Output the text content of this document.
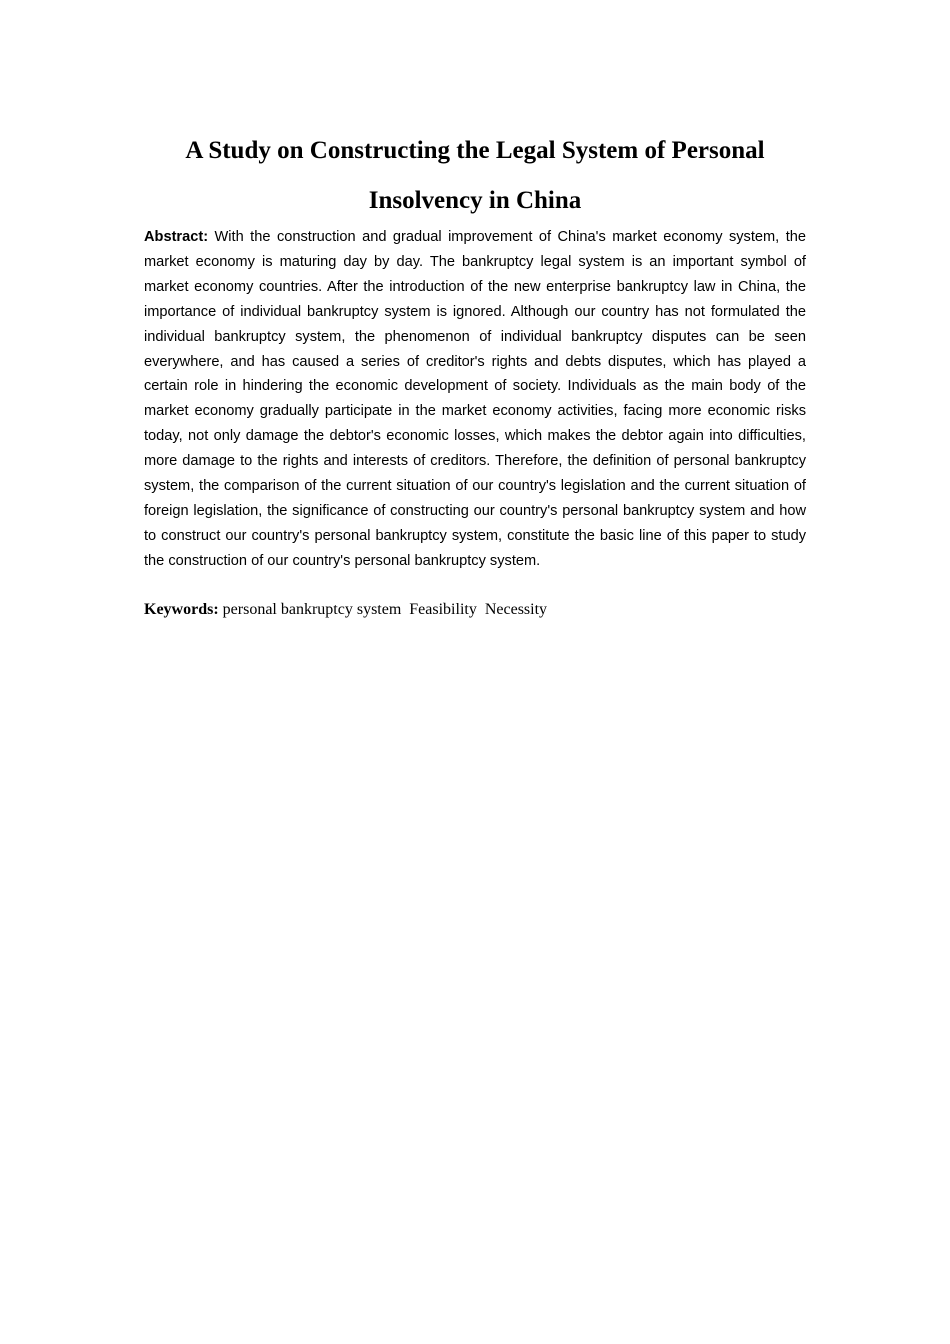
A Study on Constructing the Legal System of Personal
Insolvency in China

Abstract: With the construction and gradual improvement of China's market economy system, the market economy is maturing day by day. The bankruptcy legal system is an important symbol of market economy countries. After the introduction of the new enterprise bankruptcy law in China, the importance of individual bankruptcy system is ignored. Although our country has not formulated the individual bankruptcy system, the phenomenon of individual bankruptcy disputes can be seen everywhere, and has caused a series of creditor's rights and debts disputes, which has played a certain role in hindering the economic development of society. Individuals as the main body of the market economy gradually participate in the market economy activities, facing more economic risks today, not only damage the debtor's economic losses, which makes the debtor again into difficulties, more damage to the rights and interests of creditors. Therefore, the definition of personal bankruptcy system, the comparison of the current situation of our country's legislation and the current situation of foreign legislation, the significance of constructing our country's personal bankruptcy system and how to construct our country's personal bankruptcy system, constitute the basic line of this paper to study the construction of our country's personal bankruptcy system.

Keywords: personal bankruptcy system  Feasibility  Necessity
